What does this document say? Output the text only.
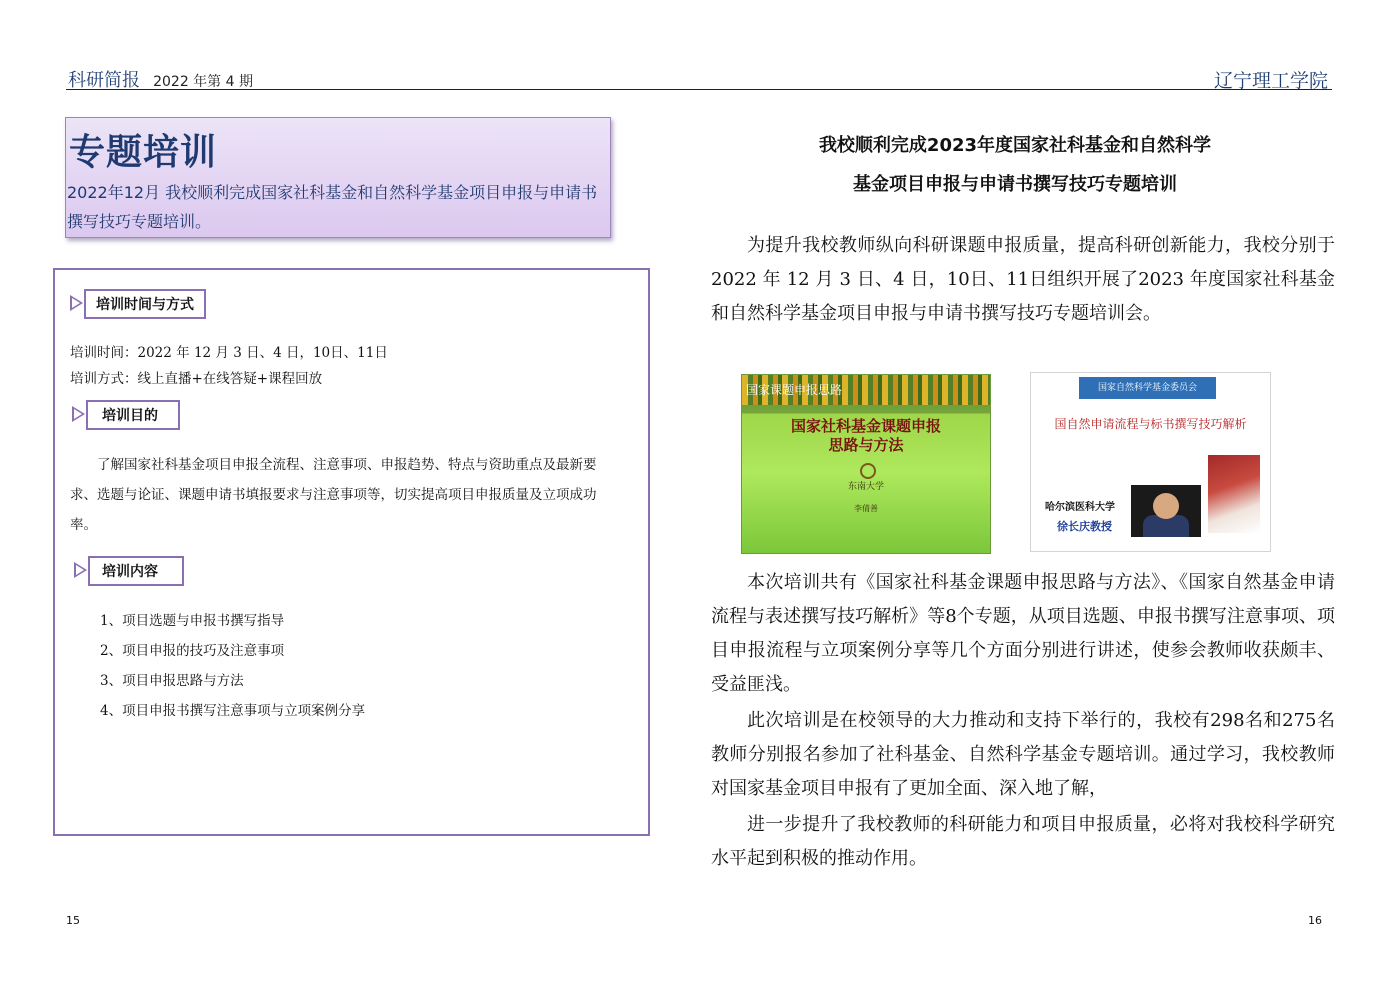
科研简报 2022 年第 4 期	辽宁理工学院
专题培训
2022年12月 我校顺利完成国家社科基金和自然科学基金项目申报与申请书撰写技巧专题培训。
培训时间与方式
培训时间：2022 年 12 月 3 日、4 日，10日、11日
培训方式：线上直播+在线答疑+课程回放
培训目的
了解国家社科基金项目申报全流程、注意事项、申报趋势、特点与资助重点及最新要求、选题与论证、课题申请书填报要求与注意事项等，切实提高项目申报质量及立项成功率。
培训内容
1、项目选题与申报书撰写指导
2、项目申报的技巧及注意事项
3、项目申报思路与方法
4、项目申报书撰写注意事项与立项案例分享
15
我校顺利完成2023年度国家社科基金和自然科学
基金项目申报与申请书撰写技巧专题培训
为提升我校教师纵向科研课题申报质量，提高科研创新能力，我校分别于2022 年 12 月 3 日、4 日，10日、11日组织开展了2023 年度国家社科基金和自然科学基金项目申报与申请书撰写技巧专题培训会。
国家课题申报思路
国家社科基金课题申报
思路与方法
东南大学
李倩善
国家自然科学基金委员会
国自然申请流程与标书撰写技巧解析
哈尔滨医科大学
徐长庆教授
本次培训共有《国家社科基金课题申报思路与方法》、《国家自然基金申请流程与表述撰写技巧解析》等8个专题，从项目选题、申报书撰写注意事项、项目申报流程与立项案例分享等几个方面分别进行讲述，使参会教师收获颇丰、受益匪浅。
此次培训是在校领导的大力推动和支持下举行的，我校有298名和275名教师分别报名参加了社科基金、自然科学基金专题培训。通过学习，我校教师对国家基金项目申报有了更加全面、深入地了解，
进一步提升了我校教师的科研能力和项目申报质量，必将对我校科学研究水平起到积极的推动作用。
16
